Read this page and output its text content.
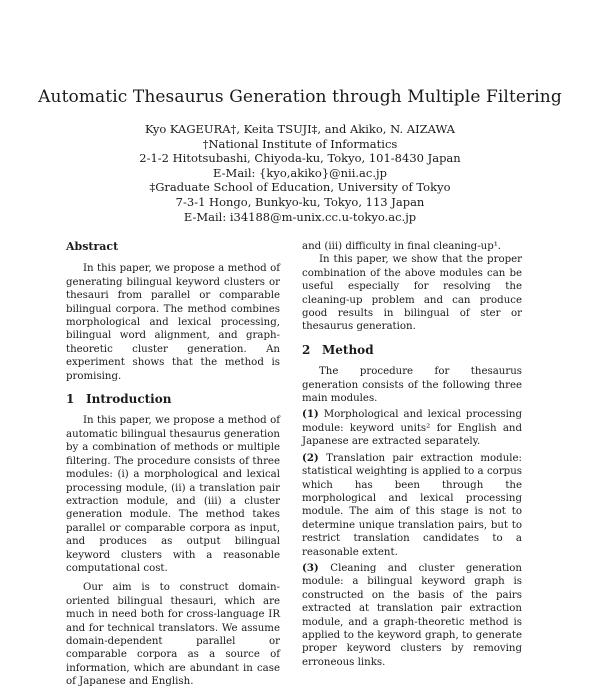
Automatic Thesaurus Generation through Multiple Filtering
Kyo KAGEURA†, Keita TSUJI‡, and Akiko, N. AIZAWA
†National Institute of Informatics
2-1-2 Hitotsubashi, Chiyoda-ku, Tokyo, 101-8430 Japan
E-Mail: {kyo,akiko}@nii.ac.jp
‡Graduate School of Education, University of Tokyo
7-3-1 Hongo, Bunkyo-ku, Tokyo, 113 Japan
E-Mail: i34188@m-unix.cc.u-tokyo.ac.jp
Abstract

In this paper, we propose a method of generating bilingual keyword clusters or thesauri from parallel or comparable bilingual corpora. The method combines morphological and lexical processing, bilingual word alignment, and graph-theoretic cluster generation. An experiment shows that the method is promising.

1 Introduction

In this paper, we propose a method of automatic bilingual thesaurus generation by a combination of methods or multiple filtering. The procedure consists of three modules: (i) a morphological and lexical processing module, (ii) a translation pair extraction module, and (iii) a cluster generation module. The method takes parallel or comparable corpora as input, and produces as output bilingual keyword clusters with a reasonable computational cost.

Our aim is to construct domain-oriented bilingual thesauri, which are much in need both for cross-language IR and for technical translators. We assume domain-dependent parallel or comparable corpora as a source of information, which are abundant in case of Japanese and English.

and (iii) difficulty in final cleaning-up¹.

In this paper, we show that the proper combination of the above modules can be useful especially for resolving the cleaning-up problem and can produce good results in bilingual of ster or thesaurus generation.

2 Method

The procedure for thesaurus generation consists of the following three main modules.

(1) Morphological and lexical processing module: keyword units² for English and Japanese are extracted separately.
(2) Translation pair extraction module: statistical weighting is applied to a corpus which has been through the morphological and lexical processing module. The aim of this stage is not to determine unique translation pairs, but to restrict translation candidates to a reasonable extent.
(3) Cleaning and cluster generation module: a bilingual keyword graph is constructed on the basis of the pairs extracted at translation pair extraction module, and a graph-theoretic method is applied to the keyword graph, to generate proper keyword clusters by removing erroneous links.
